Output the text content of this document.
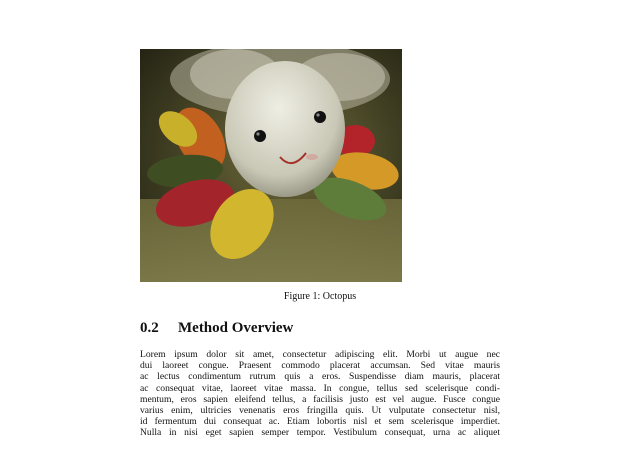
Figure 1: Octopus
0.2 Method Overview
Lorem ipsum dolor sit amet, consectetur adipiscing elit. Morbi ut augue nec
dui laoreet congue. Praesent commodo placerat accumsan. Sed vitae mauris
ac lectus condimentum rutrum quis a eros. Suspendisse diam mauris, placerat
ac consequat vitae, laoreet vitae massa. In congue, tellus sed scelerisque condi-
mentum, eros sapien eleifend tellus, a facilisis justo est vel augue. Fusce congue
varius enim, ultricies venenatis eros fringilla quis. Ut vulputate consectetur nisl,
id fermentum dui consequat ac. Etiam lobortis nisl et sem scelerisque imperdiet.
Nulla in nisi eget sapien semper tempor. Vestibulum consequat, urna ac aliquet
